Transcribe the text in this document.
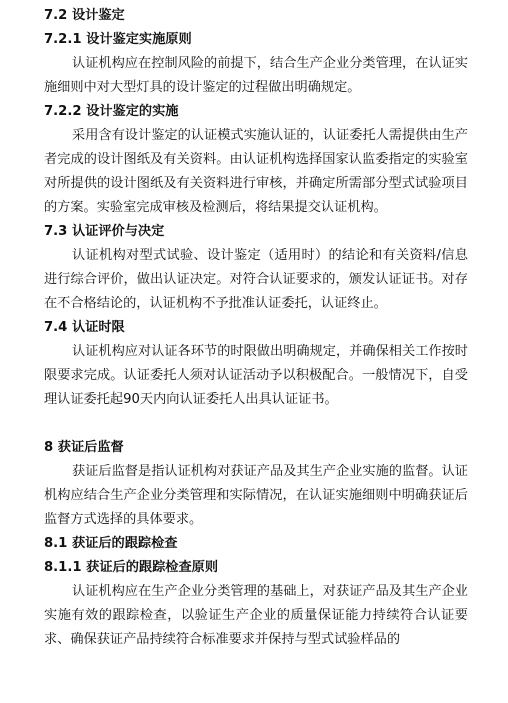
7.2 设计鉴定
7.2.1 设计鉴定实施原则
认证机构应在控制风险的前提下，结合生产企业分类管理，在认证实施细则中对大型灯具的设计鉴定的过程做出明确规定。
7.2.2 设计鉴定的实施
采用含有设计鉴定的认证模式实施认证的，认证委托人需提供由生产者完成的设计图纸及有关资料。由认证机构选择国家认监委指定的实验室对所提供的设计图纸及有关资料进行审核，并确定所需部分型式试验项目的方案。实验室完成审核及检测后，将结果提交认证机构。
7.3 认证评价与决定
认证机构对型式试验、设计鉴定（适用时）的结论和有关资料/信息进行综合评价，做出认证决定。对符合认证要求的，颁发认证证书。对存在不合格结论的，认证机构不予批准认证委托，认证终止。
7.4 认证时限
认证机构应对认证各环节的时限做出明确规定，并确保相关工作按时限要求完成。认证委托人须对认证活动予以积极配合。一般情况下，自受理认证委托起90天内向认证委托人出具认证证书。
8 获证后监督
获证后监督是指认证机构对获证产品及其生产企业实施的监督。认证机构应结合生产企业分类管理和实际情况，在认证实施细则中明确获证后监督方式选择的具体要求。
8.1 获证后的跟踪检查
8.1.1 获证后的跟踪检查原则
认证机构应在生产企业分类管理的基础上，对获证产品及其生产企业实施有效的跟踪检查，以验证生产企业的质量保证能力持续符合认证要求、确保获证产品持续符合标准要求并保持与型式试验样品的
